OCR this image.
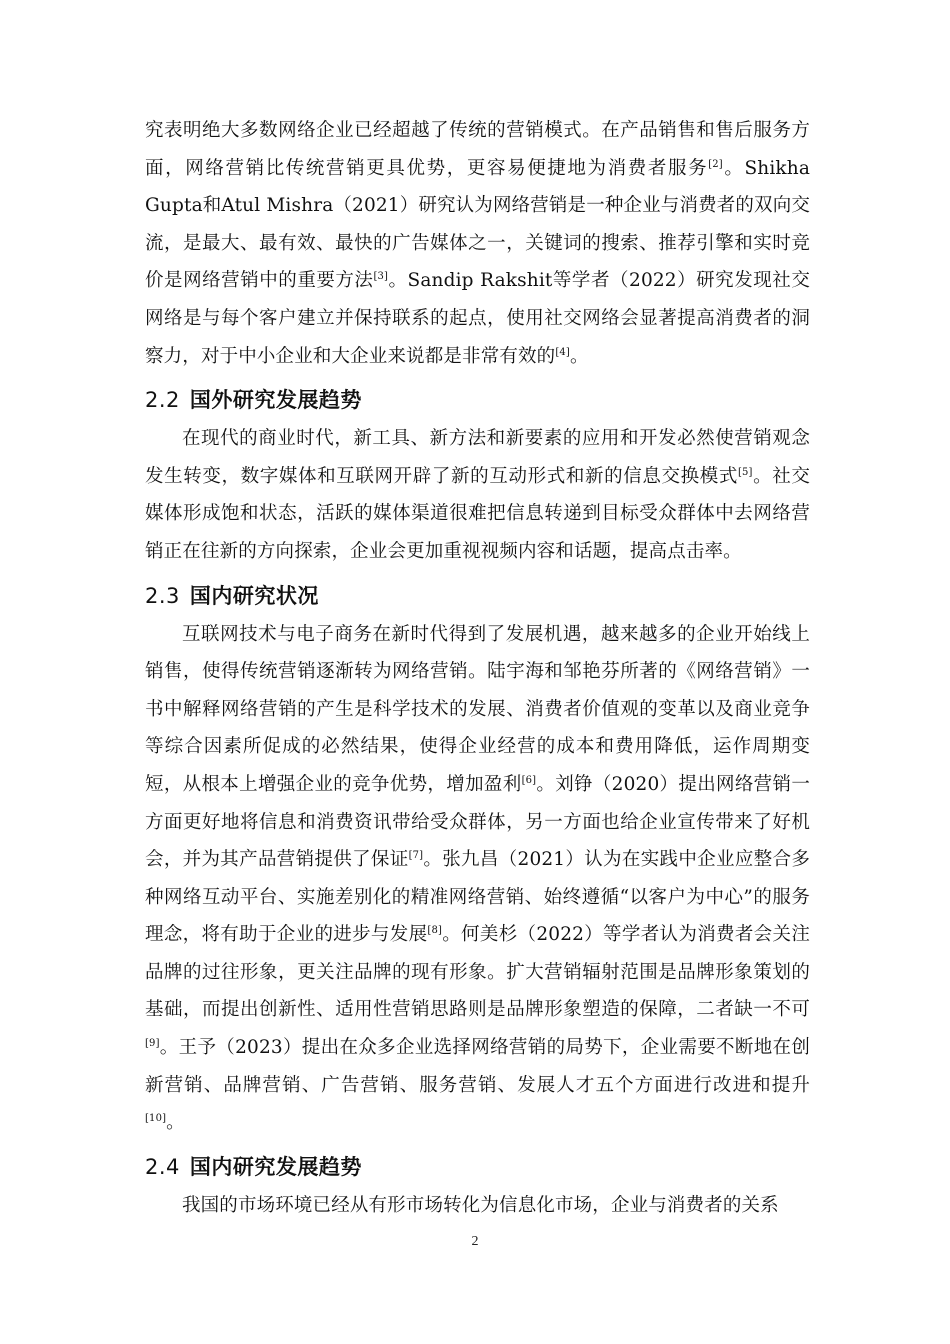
究表明绝大多数网络企业已经超越了传统的营销模式。在产品销售和售后服务方面，网络营销比传统营销更具优势，更容易便捷地为消费者服务[2]。Shikha Gupta和Atul Mishra（2021）研究认为网络营销是一种企业与消费者的双向交流，是最大、最有效、最快的广告媒体之一，关键词的搜索、推荐引擎和实时竞价是网络营销中的重要方法[3]。Sandip Rakshit等学者（2022）研究发现社交网络是与每个客户建立并保持联系的起点，使用社交网络会显著提高消费者的洞察力，对于中小企业和大企业来说都是非常有效的[4]。

2.2 国外研究发展趋势

在现代的商业时代，新工具、新方法和新要素的应用和开发必然使营销观念发生转变，数字媒体和互联网开辟了新的互动形式和新的信息交换模式[5]。社交媒体形成饱和状态，活跃的媒体渠道很难把信息转递到目标受众群体中去网络营销正在往新的方向探索，企业会更加重视视频内容和话题，提高点击率。

2.3 国内研究状况

互联网技术与电子商务在新时代得到了发展机遇，越来越多的企业开始线上销售，使得传统营销逐渐转为网络营销。陆宇海和邹艳芬所著的《网络营销》一书中解释网络营销的产生是科学技术的发展、消费者价值观的变革以及商业竞争等综合因素所促成的必然结果，使得企业经营的成本和费用降低，运作周期变短，从根本上增强企业的竞争优势，增加盈利[6]。刘铮（2020）提出网络营销一方面更好地将信息和消费资讯带给受众群体，另一方面也给企业宣传带来了好机会，并为其产品营销提供了保证[7]。张九昌（2021）认为在实践中企业应整合多种网络互动平台、实施差别化的精准网络营销、始终遵循“以客户为中心”的服务理念，将有助于企业的进步与发展[8]。何美杉（2022）等学者认为消费者会关注品牌的过往形象，更关注品牌的现有形象。扩大营销辐射范围是品牌形象策划的基础，而提出创新性、适用性营销思路则是品牌形象塑造的保障，二者缺一不可[9]。王予（2023）提出在众多企业选择网络营销的局势下，企业需要不断地在创新营销、品牌营销、广告营销、服务营销、发展人才五个方面进行改进和提升[10]。

2.4 国内研究发展趋势

我国的市场环境已经从有形市场转化为信息化市场，企业与消费者的关系

2
